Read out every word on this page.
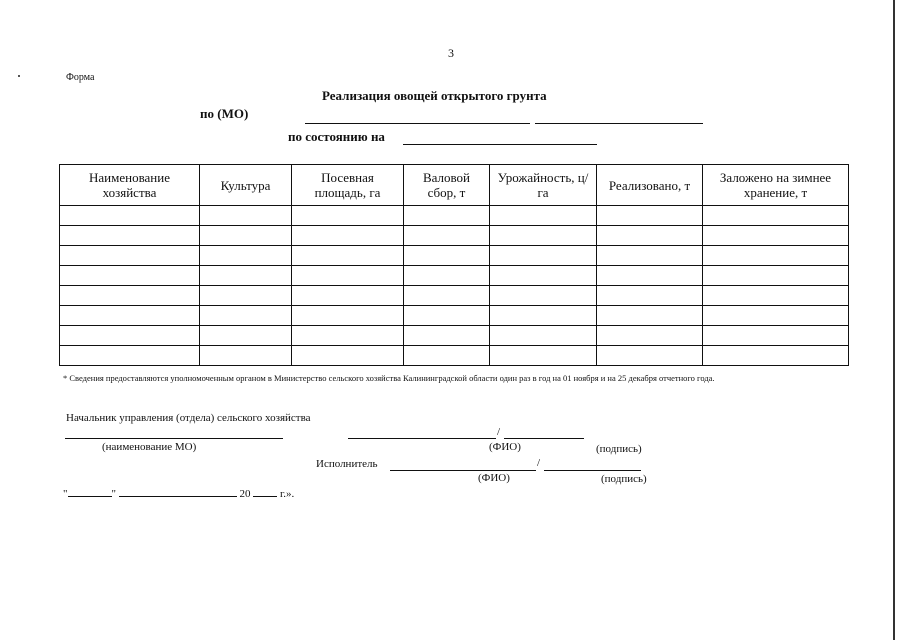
3
Форма
Реализация овощей открытого грунта
по (МО)
по состоянию на
Наименование хозяйства	Культура	Посевная площадь, га	Валовой сбор, т	Урожайность, ц/га	Реализовано, т	Заложено на зимнее хранение, т

* Сведения предоставляются уполномоченным органом в Министерство сельского хозяйства Калининградской области один раз в год на 01 ноября и на 25 декабря отчетного года.
Начальник управления (отдела) сельского хозяйства
(наименование МО)
/
(ФИО)	(подпись)
Исполнитель	/
(ФИО)	(подпись)
"	"	20	г.».
